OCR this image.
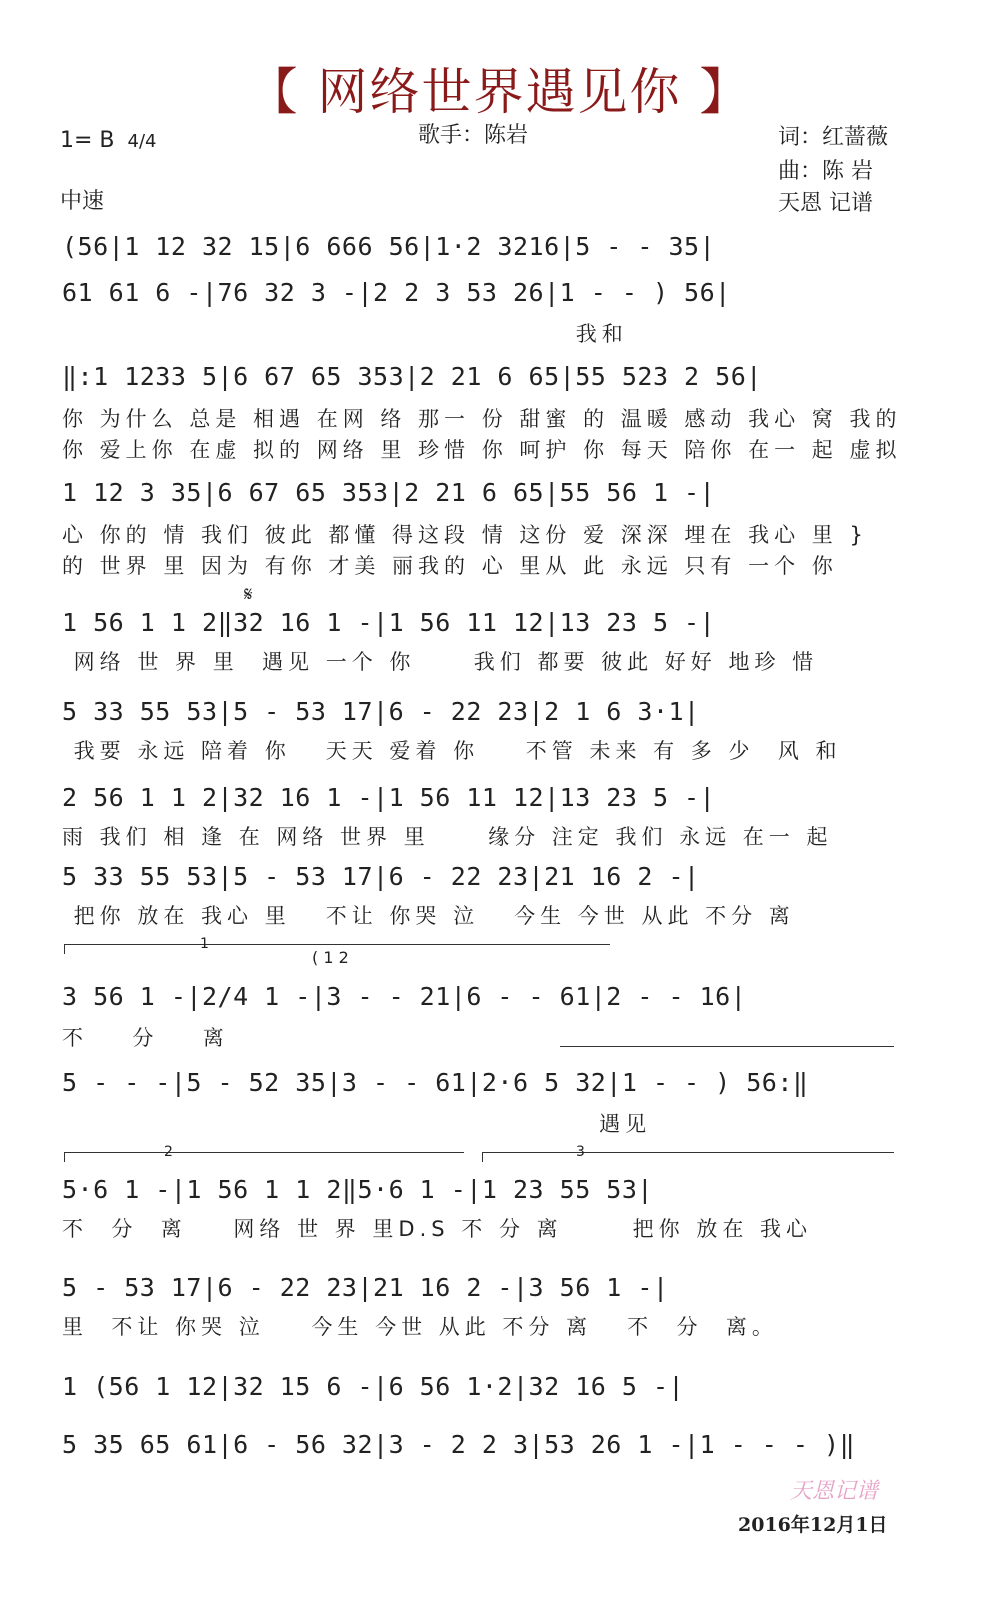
【 网络世界遇见你 】
1= B 4/4
中速
歌手：陈岩	词：红蔷薇
曲：陈 岩
天恩 记谱
(56|1 12 32 15|6 666 56|1·2 3216|5 - - 35|
61 61 6 -|76 32 3 -|2 2 3 53 26|1 - - ) 56|
我和
‖:1 1233 5|6 67 65 353|2 21 6 65|55 523 2 56|
你 为什么 总是 相遇 在网 络 那一 份 甜蜜 的 温暖 感动 我心 窝 我的
你 爱上你 在虚 拟的 网络 里 珍惜 你 呵护 你 每天 陪你 在一 起 虚拟
1 12 3 35|6 67 65 353|2 21 6 65|55 56 1 -|
心 你的 情 我们 彼此 都懂 得这段 情 这份 爱 深深 埋在 我心 里 }
的 世界 里 因为 有你 才美 丽我的 心 里从 此 永远 只有 一个 你
𝄋
1 56 1 1 2‖32 16 1 -|1 56 11 12|13 23 5 -|
网络 世 界 里  遇见 一个 你     我们 都要 彼此 好好 地珍 惜
5 33 55 53|5 - 53 17|6 - 22 23|2 1 6 3·1|
我要 永远 陪着 你   天天 爱着 你    不管 未来 有 多 少  风 和
2 56 1 1 2|32 16 1 -|1 56 11 12|13 23 5 -|
雨 我们 相 逢 在 网络 世界 里     缘分 注定 我们 永远 在一 起
5 33 55 53|5 - 53 17|6 - 22 23|21 16 2 -|
把你 放在 我心 里   不让 你哭 泣   今生 今世 从此 不分 离
1
( 1 2
3 56 1 -|2/4 1 -|3 - - 21|6 - - 61|2 - - 16|
不  分  离
5 - - -|5 - 52 35|3 - - 61|2·6 5 32|1 - - ) 56:‖
遇见
2	3
5·6 1 -|1 56 1 1 2‖5·6 1 -|1 23 55 53|
不  分  离    网络 世 界 里D.S 不 分 离      把你 放在 我心
5 - 53 17|6 - 22 23|21 16 2 -|3 56 1 -|
里  不让 你哭 泣    今生 今世 从此 不分 离   不  分  离。
1 (56 1 12|32 15 6 -|6 56 1·2|32 16 5 -|
5 35 65 61|6 - 56 32|3 - 2 2 3|53 26 1 -|1 - - - )‖
天恩记谱
2016年12月1日
